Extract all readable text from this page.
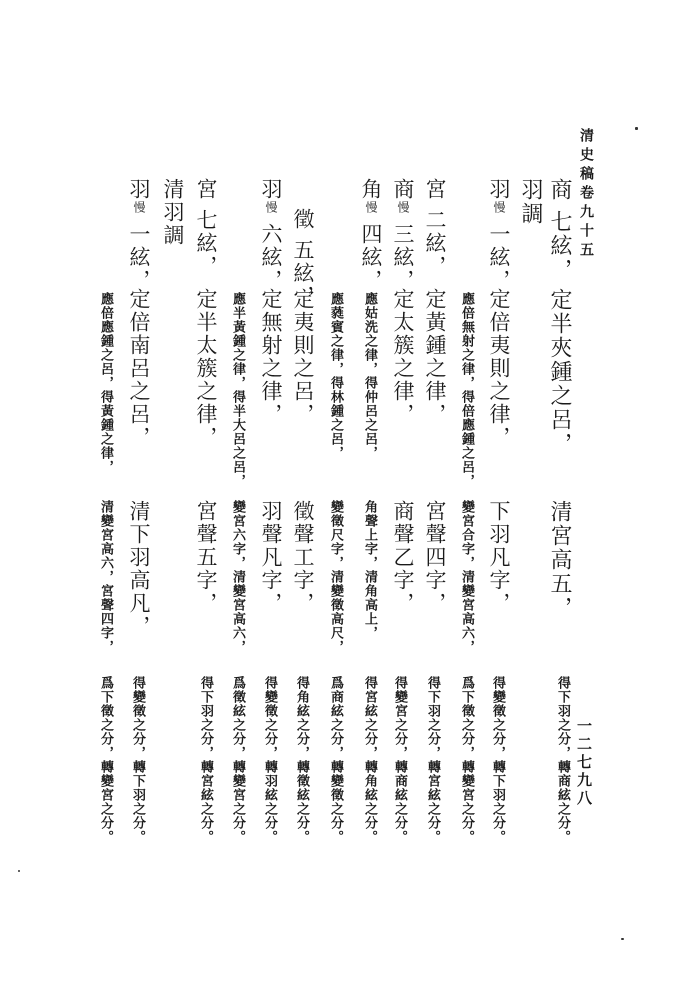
清史稿卷九十五
一二七九八
商七絃，
定半夾鍾之呂，
清宮高五，
得下羽之分，轉商絃之分。
羽調
羽慢一絃，
定倍夷則之律，
下羽凡字，
得變徵之分，轉下羽之分。
應倍無射之律，得倍應鍾之呂，
變宮合字，清變宮高六，
爲下徵之分，轉變宮之分。
宮二絃，
定黃鍾之律，
宮聲四字，
得下羽之分，轉宮絃之分。
商慢三絃，
定太簇之律，
商聲乙字，
得變宮之分，轉商絃之分。
角慢四絃，
應姑洗之律，得仲呂之呂，
角聲上字，清角高上，
得宮絃之分，轉角絃之分。
應蕤賓之律，得林鍾之呂，
變徵尺字，清變徵高尺，
爲商絃之分，轉變徵之分。
徵五絃，
定夷則之呂，
徵聲工字，
得角絃之分，轉徵絃之分。
羽慢六絃，
定無射之律，
羽聲凡字，
得變徵之分，轉羽絃之分。
應半黃鍾之律，得半大呂之呂，
變宮六字，清變宮高六，
爲徵絃之分，轉變宮之分。
宮七絃，
定半太簇之律，
宮聲五字，
得下羽之分，轉宮絃之分。
清羽調
羽慢一絃，
定倍南呂之呂，
清下羽高凡，
得變徵之分，轉下羽之分。
應倍應鍾之呂，得黃鍾之律，
清變宮高六，宮聲四字，
爲下徵之分，轉變宮之分。
